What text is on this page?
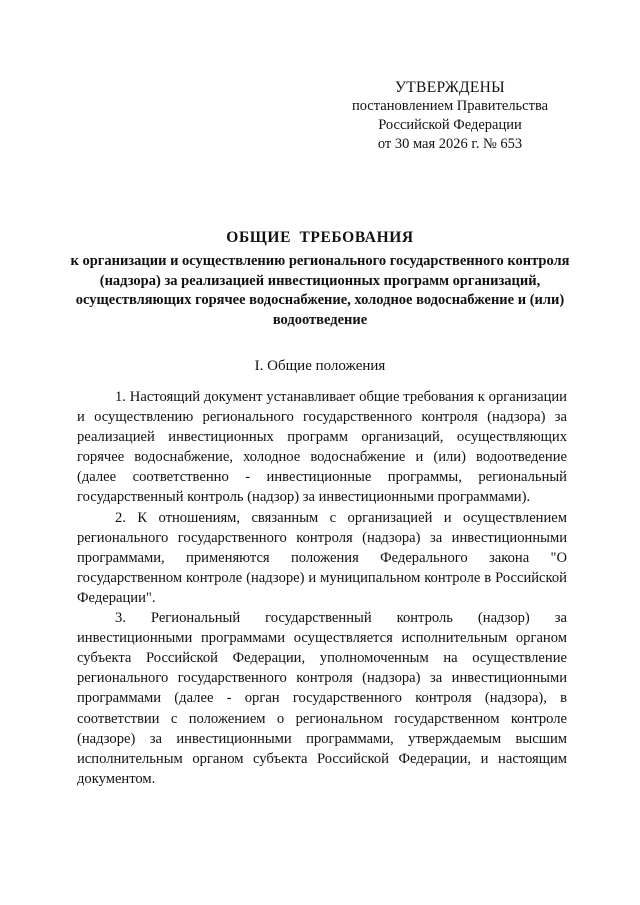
УТВЕРЖДЕНЫ
постановлением Правительства
Российской Федерации
от 30 мая 2026 г. № 653
ОБЩИЕ ТРЕБОВАНИЯ
к организации и осуществлению регионального государственного контроля (надзора) за реализацией инвестиционных программ организаций, осуществляющих горячее водоснабжение, холодное водоснабжение и (или) водоотведение
I. Общие положения

1. Настоящий документ устанавливает общие требования к организации и осуществлению регионального государственного контроля (надзора) за реализацией инвестиционных программ организаций, осуществляющих горячее водоснабжение, холодное водоснабжение и (или) водоотведение (далее соответственно - инвестиционные программы, региональный государственный контроль (надзор) за инвестиционными программами).

2. К отношениям, связанным с организацией и осуществлением регионального государственного контроля (надзора) за инвестиционными программами, применяются положения Федерального закона "О государственном контроле (надзоре) и муниципальном контроле в Российской Федерации".

3. Региональный государственный контроль (надзор) за инвестиционными программами осуществляется исполнительным органом субъекта Российской Федерации, уполномоченным на осуществление регионального государственного контроля (надзора) за инвестиционными программами (далее - орган государственного контроля (надзора), в соответствии с положением о региональном государственном контроле (надзоре) за инвестиционными программами, утверждаемым высшим исполнительным органом субъекта Российской Федерации, и настоящим документом.
